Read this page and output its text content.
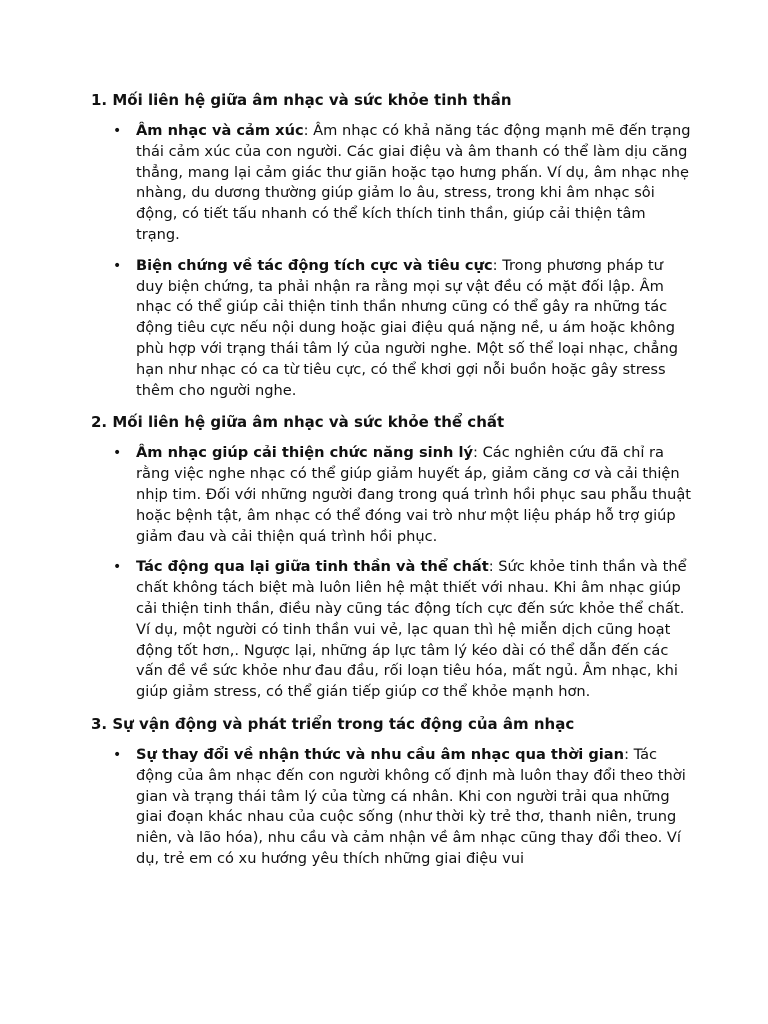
1. Mối liên hệ giữa âm nhạc và sức khỏe tinh thần
• Âm nhạc và cảm xúc: Âm nhạc có khả năng tác động mạnh mẽ đến trạng thái cảm xúc của con người. Các giai điệu và âm thanh có thể làm dịu căng thẳng, mang lại cảm giác thư giãn hoặc tạo hưng phấn. Ví dụ, âm nhạc nhẹ nhàng, du dương thường giúp giảm lo âu, stress, trong khi âm nhạc sôi động, có tiết tấu nhanh có thể kích thích tinh thần, giúp cải thiện tâm trạng.
• Biện chứng về tác động tích cực và tiêu cực: Trong phương pháp tư duy biện chứng, ta phải nhận ra rằng mọi sự vật đều có mặt đối lập. Âm nhạc có thể giúp cải thiện tinh thần nhưng cũng có thể gây ra những tác động tiêu cực nếu nội dung hoặc giai điệu quá nặng nề, u ám hoặc không phù hợp với trạng thái tâm lý của người nghe. Một số thể loại nhạc, chẳng hạn như nhạc có ca từ tiêu cực, có thể khơi gợi nỗi buồn hoặc gây stress thêm cho người nghe.
2. Mối liên hệ giữa âm nhạc và sức khỏe thể chất
• Âm nhạc giúp cải thiện chức năng sinh lý: Các nghiên cứu đã chỉ ra rằng việc nghe nhạc có thể giúp giảm huyết áp, giảm căng cơ và cải thiện nhịp tim. Đối với những người đang trong quá trình hồi phục sau phẫu thuật hoặc bệnh tật, âm nhạc có thể đóng vai trò như một liệu pháp hỗ trợ giúp giảm đau và cải thiện quá trình hồi phục.
• Tác động qua lại giữa tinh thần và thể chất: Sức khỏe tinh thần và thể chất không tách biệt mà luôn liên hệ mật thiết với nhau. Khi âm nhạc giúp cải thiện tinh thần, điều này cũng tác động tích cực đến sức khỏe thể chất. Ví dụ, một người có tinh thần vui vẻ, lạc quan thì hệ miễn dịch cũng hoạt động tốt hơn,. Ngược lại, những áp lực tâm lý kéo dài có thể dẫn đến các vấn đề về sức khỏe như đau đầu, rối loạn tiêu hóa, mất ngủ. Âm nhạc, khi giúp giảm stress, có thể gián tiếp giúp cơ thể khỏe mạnh hơn.
3. Sự vận động và phát triển trong tác động của âm nhạc
• Sự thay đổi về nhận thức và nhu cầu âm nhạc qua thời gian: Tác động của âm nhạc đến con người không cố định mà luôn thay đổi theo thời gian và trạng thái tâm lý của từng cá nhân. Khi con người trải qua những giai đoạn khác nhau của cuộc sống (như thời kỳ trẻ thơ, thanh niên, trung niên, và lão hóa), nhu cầu và cảm nhận về âm nhạc cũng thay đổi theo. Ví dụ, trẻ em có xu hướng yêu thích những giai điệu vui
